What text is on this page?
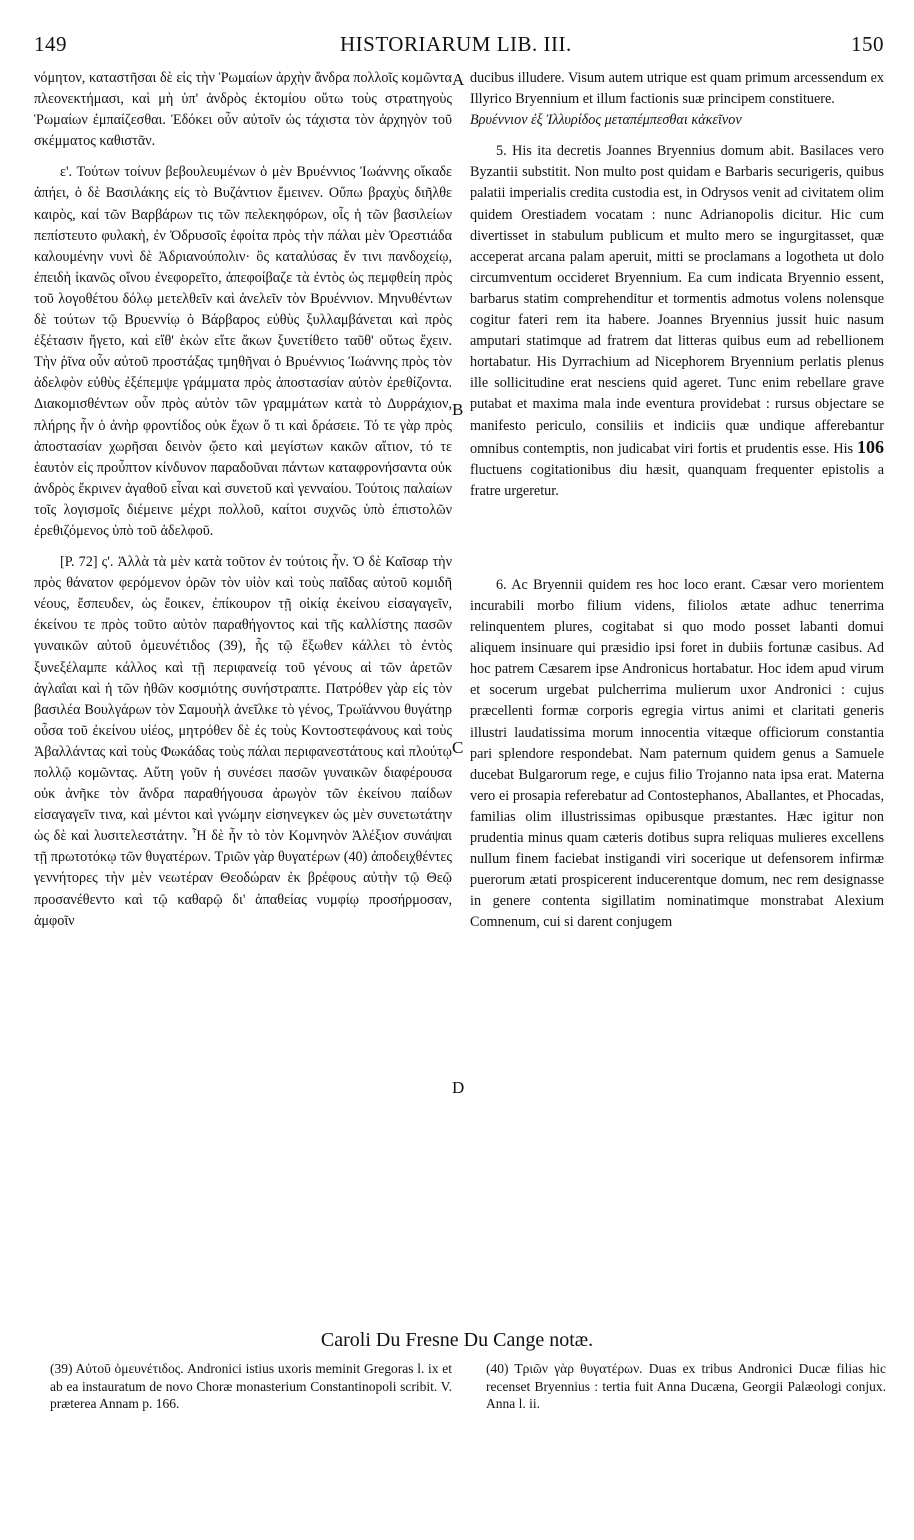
149	HISTORIARUM LIB. III.	150

νόμητον, καταστῆσαι δὲ εἰς τὴν Ῥωμαίων ἀρχὴν ἄνδρα πολλοῖς κομῶντα πλεονεκτήμασι, καὶ μὴ ὑπ' ἀνδρὸς ἐκτομίου οὕτω τοὺς στρατηγοὺς Ῥωμαίων ἐμπαίζεσθαι. Ἐδόκει οὖν αὐτοῖν ὡς τάχιστα τὸν ἀρχηγὸν τοῦ σκέμματος καθιστᾶν.

ε'. Τούτων τοίνυν βεβουλευμένων ὁ μὲν Βρυέννιος Ἰωάννης οἴκαδε ἀπήει, ὁ δὲ Βασιλάκης εἰς τὸ Βυζάντιον ἔμεινεν. Οὔπω βραχὺς διῆλθε καιρὸς, καί τῶν Βαρβάρων τις τῶν πελεκηφόρων, οἷς ἡ τῶν βασιλείων πεπίστευτο φυλακὴ, ἐν Ὀδρυσοῖς ἐφοίτα πρὸς τὴν πάλαι μὲν Ὀρεστιάδα καλουμένην νυνὶ δὲ Ἀδριανούπολιν· ὃς καταλύσας ἔν τινι πανδοχείῳ, ἐπειδὴ ἱκανῶς οἴνου ἐνεφορεῖτο, ἀπεφοίβαζε τὰ ἐντὸς ὡς πεμφθείη πρὸς τοῦ λογοθέτου δόλῳ μετελθεῖν καὶ ἀνελεῖν τὸν Βρυέννιον. Μηνυθέντων δὲ τούτων τῷ Βρυεννίῳ ὁ Βάρβαρος εὐθὺς ξυλλαμβάνεται καὶ πρὸς ἐξέτασιν ἤγετο, καὶ εἴθ' ἑκὼν εἴτε ἄκων ξυνετίθετο ταῦθ' οὕτως ἔχειν. Τὴν ῥῖνα οὖν αὐτοῦ προστάξας τμηθῆναι ὁ Βρυέννιος Ἰωάννης πρὸς τὸν ἀδελφὸν εὐθὺς ἐξέπεμψε γράμματα πρὸς ἀποστασίαν αὐτὸν ἐρεθίζοντα. Διακομισθέντων οὖν πρὸς αὐτὸν τῶν γραμμάτων κατὰ τὸ Δυρράχιον, πλήρης ἦν ὁ ἀνὴρ φροντίδος οὐκ ἔχων ὅ τι καὶ δράσειε. Τό τε γὰρ πρὸς ἀποστασίαν χωρῆσαι δεινὸν ᾤετο καὶ μεγίστων κακῶν αἴτιον, τό τε ἑαυτὸν εἰς προὖπτον κίνδυνον παραδοῦναι πάντων καταφρονήσαντα οὐκ ἀνδρὸς ἔκρινεν ἀγαθοῦ εἶναι καὶ συνετοῦ καὶ γενναίου. Τούτοις παλαίων τοῖς λογισμοῖς διέμεινε μέχρι πολλοῦ, καίτοι συχνῶς ὑπὸ ἐπιστολῶν ἐρεθιζόμενος ὑπὸ τοῦ ἀδελφοῦ.

[P. 72] ς'. Ἀλλὰ τὰ μὲν κατὰ τοῦτον ἐν τούτοις ἦν. Ὁ δὲ Καῖσαρ τὴν πρὸς θάνατον φερόμενον ὁρῶν τὸν υἱὸν καὶ τοὺς παῖδας αὐτοῦ κομιδῆ νέους, ἔσπευδεν, ὡς ἔοικεν, ἐπίκουρον τῇ οἰκίᾳ ἐκείνου εἰσαγαγεῖν, ἐκείνου τε πρὸς τοῦτο αὐτὸν παραθήγοντος καὶ τῆς καλλίστης πασῶν γυναικῶν αὐτοῦ ὁμευνέτιδος (39), ἧς τῷ ἔξωθεν κάλλει τὸ ἐντὸς ξυνεξέλαμπε κάλλος καὶ τῇ περιφανείᾳ τοῦ γένους αἱ τῶν ἀρετῶν ἀγλαΐαι καὶ ἡ τῶν ἠθῶν κοσμιότης συνήστραπτε. Πατρόθεν γὰρ εἰς τὸν βασιλέα Βουλγάρων τὸν Σαμουὴλ ἀνεῖλκε τὸ γένος, Τρωϊάννου θυγάτηρ οὖσα τοῦ ἐκείνου υἱέος, μητρόθεν δὲ ἐς τοὺς Κοντοστεφάνους καὶ τοὺς Ἀβαλλάντας καὶ τοὺς Φωκάδας τοὺς πάλαι περιφανεστάτους καὶ πλούτῳ πολλῷ κομῶντας. Αὕτη γοῦν ἡ συνέσει πασῶν γυναικῶν διαφέρουσα οὐκ ἀνῆκε τὸν ἄνδρα παραθήγουσα ἀρωγὸν τῶν ἐκείνου παίδων εἰσαγαγεῖν τινα, καὶ μέντοι καὶ γνώμην εἰσηνεγκεν ὡς μὲν συνετωτάτην ὡς δὲ καὶ λυσιτελεστάτην. Ἦ δὲ ἦν τὸ τὸν Κομνηνὸν Ἀλέξιον συνάψαι τῇ πρωτοτόκῳ τῶν θυγατέρων. Τριῶν γὰρ θυγατέρων (40) ἀποδειχθέντες γεννήτορες τὴν μὲν νεωτέραν Θεοδώραν ἐκ βρέφους αὐτὴν τῷ Θεῷ προσανέθεντο καὶ τῷ καθαρῷ δι' ἀπαθείας νυμφίῳ προσήρμοσαν, ἀμφοῖν

A
B
C
D

ducibus illudere. Visum autem utrique est quam primum arcessendum ex Illyrico Bryennium et illum factionis suæ principem constituere.

Βρυέννιον ἐξ Ἰλλυρίδος μεταπέμπεσθαι κἀκεῖνον

5. His ita decretis Joannes Bryennius domum abit. Basilaces vero Byzantii substitit. Non multo post quidam e Barbaris securigeris, quibus palatii imperialis credita custodia est, in Odrysos venit ad civitatem olim quidem Orestiadem vocatam : nunc Adrianopolis dicitur. Hic cum divertisset in stabulum publicum et multo mero se ingurgitasset, quæ acceperat arcana palam aperuit, mitti se proclamans a logotheta ut dolo circumventum occideret Bryennium. Ea cum indicata Bryennio essent, barbarus statim comprehenditur et tormentis admotus volens nolensque cogitur fateri rem ita habere. Joannes Bryennius jussit huic nasum amputari statimque ad fratrem dat litteras quibus eum ad rebellionem hortabatur. His Dyrrachium ad Nicephorem Bryennium perlatis plenus ille sollicitudine erat nesciens quid ageret. Tunc enim rebellare grave putabat et maxima mala inde eventura providebat : rursus objectare se manifesto periculo, consiliis et indiciis quæ undique afferebantur omnibus contemptis, non judicabat viri fortis et prudentis esse. His 106 fluctuens cogitationibus diu hæsit, quanquam frequenter epistolis a fratre urgeretur.

6. Ac Bryennii quidem res hoc loco erant. Cæsar vero morientem incurabili morbo filium videns, filiolos ætate adhuc tenerrima relinquentem plures, cogitabat si quo modo posset labanti domui aliquem insinuare qui præsidio ipsi foret in dubiis fortunæ casibus. Ad hoc patrem Cæsarem ipse Andronicus hortabatur. Hoc idem apud virum et socerum urgebat pulcherrima mulierum uxor Andronici : cujus præcellenti formæ corporis egregia virtus animi et claritati generis illustri laudatissima morum innocentia vitæque officiorum constantia pari splendore respondebat. Nam paternum quidem genus a Samuele ducebat Bulgarorum rege, e cujus filio Trojanno nata ipsa erat. Materna vero ei prosapia referebatur ad Contostephanos, Aballantes, et Phocadas, familias olim illustrissimas opibusque præstantes. Hæc igitur non prudentia minus quam cæteris dotibus supra reliquas mulieres excellens nullum finem faciebat instigandi viri socerique ut defensorem infirmæ puerorum ætati prospicerent inducerentque domum, nec rem designasse in genere contenta sigillatim nominatimque monstrabat Alexium Comnenum, cui si darent conjugem

Caroli Du Fresne Du Cange notæ.

(39) Αὐτοῦ ὁμευνέτιδος. Andronici istius uxoris meminit Gregoras l. ix et ab ea instauratum de novo Choræ monasterium Constantinopoli scribit. V. præterea Annam p. 166.

(40) Τριῶν γὰρ θυγατέρων. Duas ex tribus Andronici Ducæ filias hic recenset Bryennius : tertia fuit Anna Ducæna, Georgii Palæologi conjux. Anna l. ii.
